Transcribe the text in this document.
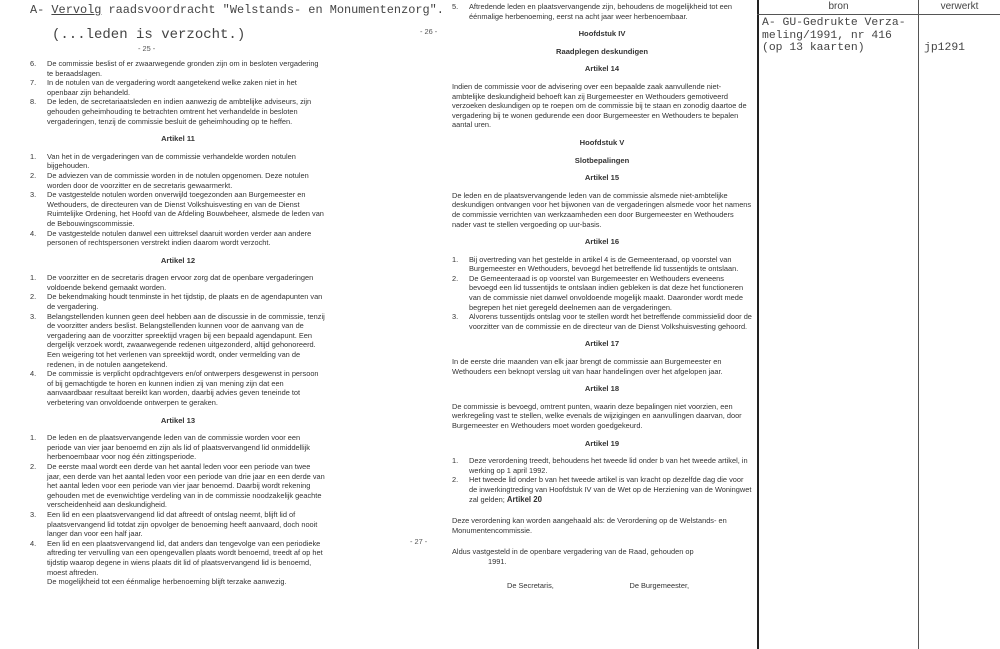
A- Vervolg raadsvoordracht "Welstands- en Monumentenzorg".
(...leden is verzocht.)
- 25 -
- 26 -
- 27 -
6.	De commissie beslist of er zwaarwegende gronden zijn om in besloten vergadering te beraadslagen.
7.	In de notulen van de vergadering wordt aangetekend welke zaken niet in het openbaar zijn behandeld.
8.	De leden, de secretariaatsleden en indien aanwezig de ambtelijke adviseurs, zijn gehouden geheimhouding te betrachten omtrent het verhandelde in besloten vergaderingen, tenzij de commissie besluit de geheimhouding op te heffen.
Artikel 11
1.	Van het in de vergaderingen van de commissie verhandelde worden notulen bijgehouden.
2.	De adviezen van de commissie worden in de notulen opgenomen. Deze notulen worden door de voorzitter en de secretaris gewaarmerkt.
3.	De vastgestelde notulen worden onverwijld toegezonden aan Burgemeester en Wethouders, de directeuren van de Dienst Volkshuisvesting en van de Dienst Ruimtelijke Ordening, het Hoofd van de Afdeling Bouwbeheer, alsmede de leden van de Bebouwingscommissie.
4.	De vastgestelde notulen danwel een uittreksel daaruit worden verder aan andere personen of rechtspersonen verstrekt indien daarom wordt verzocht.
Artikel 12
1.	De voorzitter en de secretaris dragen ervoor zorg dat de openbare vergaderingen voldoende bekend gemaakt worden.
2.	De bekendmaking houdt tenminste in het tijdstip, de plaats en de agendapunten van de vergadering.
3.	Belangstellenden kunnen geen deel hebben aan de discussie in de commissie, tenzij de voorzitter anders beslist. Belangstellenden kunnen voor de aanvang van de vergadering aan de voorzitter spreektijd vragen bij een bepaald agendapunt. Een dergelijk verzoek wordt, zwaarwegende redenen uitgezonderd, altijd gehonoreerd. Een weigering tot het verlenen van spreektijd wordt, onder vermelding van de redenen, in de notulen aangetekend.
4.	De commissie is verplicht opdrachtgevers en/of ontwerpers desgewenst in persoon of bij gemachtigde te horen en kunnen indien zij van mening zijn dat een aanvaardbaar resultaat bereikt kan worden, daarbij advies geven teneinde tot verbetering van onvoldoende ontwerpen te geraken.
Artikel 13
1.	De leden en de plaatsvervangende leden van de commissie worden voor een periode van vier jaar benoemd en zijn als lid of plaatsvervangend lid onmiddellijk herbenoembaar voor nog één zittingsperiode.
2.	De eerste maal wordt een derde van het aantal leden voor een periode van twee jaar, een derde van het aantal leden voor een periode van drie jaar en een derde van het aantal leden voor een periode van vier jaar benoemd. Daarbij wordt rekening gehouden met de evenwichtige verdeling van in de commissie noodzakelijk geachte verscheidenheid aan deskundigheid.
3.	Een lid en een plaatsvervangend lid dat aftreedt of ontslag neemt, blijft lid of plaatsvervangend lid totdat zijn opvolger de benoeming heeft aanvaard, doch nooit langer dan voor een half jaar.
4.	Een lid en een plaatsvervangend lid, dat anders dan tengevolge van een periodieke aftreding ter vervulling van een opengevallen plaats wordt benoemd, treedt af op het tijdstip waarop degene in wiens plaats dit lid of plaatsvervangend lid is benoemd, moest aftreden.
De mogelijkheid tot een éénmalige herbenoeming blijft terzake aanwezig.
5.	Aftredende leden en plaatsvervangende zijn, behoudens de mogelijkheid tot een éénmalige herbenoeming, eerst na acht jaar weer herbenoembaar.
Hoofdstuk IV
Raadplegen deskundigen
Artikel 14
Indien de commissie voor de advisering over een bepaalde zaak aanvullende niet-ambtelijke deskundigheid behoeft kan zij Burgemeester en Wethouders gemotiveerd verzoeken deskundigen op te roepen om de commissie bij te staan en zonodig daartoe de vergadering bij te wonen gedurende een door Burgemeester en Wethouders te bepalen aantal uren.
Hoofdstuk V
Slotbepalingen
Artikel 15
De leden en de plaatsvervangende leden van de commissie alsmede niet-ambtelijke deskundigen ontvangen voor het bijwonen van de vergaderingen alsmede voor het namens de commissie verrichten van werkzaamheden een door Burgemeester en Wethouders nader vast te stellen vergoeding op uur-basis.
Artikel 16
1.	Bij overtreding van het gestelde in artikel 4 is de Gemeenteraad, op voorstel van Burgemeester en Wethouders, bevoegd het betreffende lid tussentijds te ontslaan.
2.	De Gemeenteraad is op voorstel van Burgemeester en Wethouders eveneens bevoegd een lid tussentijds te ontslaan indien gebleken is dat deze het functioneren van de commissie niet danwel onvoldoende mogelijk maakt. Daaronder wordt mede begrepen het niet geregeld deelnemen aan de vergaderingen.
3.	Alvorens tussentijds ontslag voor te stellen wordt het betreffende commissielid door de voorzitter van de commissie en de directeur van de Dienst Volkshuisvesting gehoord.
Artikel 17
In de eerste drie maanden van elk jaar brengt de commissie aan Burgemeester en Wethouders een beknopt verslag uit van haar handelingen over het afgelopen jaar.
Artikel 18
De commissie is bevoegd, omtrent punten, waarin deze bepalingen niet voorzien, een werkregeling vast te stellen, welke evenals de wijzigingen en aanvullingen daarvan, door Burgemeester en Wethouders moet worden goedgekeurd.
Artikel 19
1.	Deze verordening treedt, behoudens het tweede lid onder b van het tweede artikel, in werking op 1 april 1992.
2.	Het tweede lid onder b van het tweede artikel is van kracht op dezelfde dag die voor de inwerkingtreding van Hoofdstuk IV van de Wet op de Herziening van de Woningwet zal gelden; Artikel 20
Deze verordening kan worden aangehaald als: de Verordening op de Welstands- en Monumentencommissie.
Aldus vastgesteld in de openbare vergadering van de Raad, gehouden op
1991.
De Secretaris,	De Burgemeester,
bron	verwerkt
A- GU-Gedrukte Verza-
meling/1991, nr 416
(op 13 kaarten)	jp1291
